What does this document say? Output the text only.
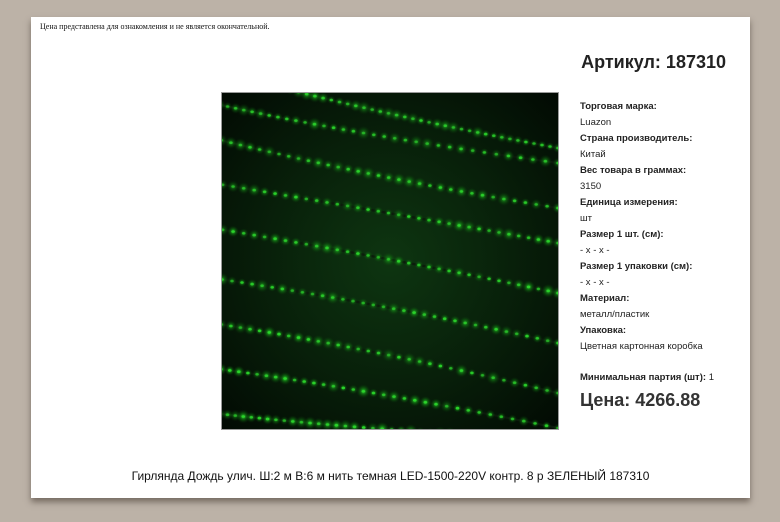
Цена представлена для ознакомления и не является окончательной.
Артикул: 187310
Торговая марка:
Luazon
Страна производитель:
Китай
Вес товара в граммах:
3150
Единица измерения:
шт
Размер 1 шт. (см):
- x - x -
Размер 1 упаковки (см):
- x - x -
Материал:
металл/пластик
Упаковка:
Цветная картонная коробка
Минимальная партия (шт): 1
Цена: 4266.88
Гирлянда Дождь улич. Ш:2 м В:6 м нить темная LED-1500-220V контр. 8 р ЗЕЛЕНЫЙ 187310
